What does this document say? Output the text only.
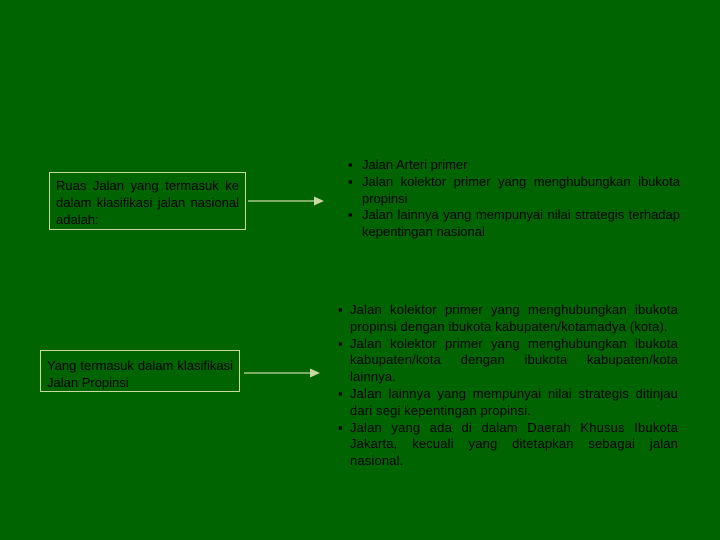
Ruas Jalan yang termasuk ke dalam klasifikasi jalan nasional adalah:
▪ Jalan Arteri primer
▪ Jalan kolektor primer yang menghubungkan ibukota propinsi
▪ Jalan lainnya yang mempunyai nilai strategis terhadap kepentingan nasional
Yang termasuk dalam klasifikasi Jalan Propinsi
▪ Jalan kolektor primer yang menghubungkan ibukota propinsi dengan ibukota kabupaten/kotamadya (kota).
▪ Jalan kolektor primer yang menghubungkan ibukota kabupaten/kota dengan ibukota kabupaten/kota lainnya.
▪ Jalan lainnya yang mempunyai nilai strategis ditinjau dari segi kepentingan propinsi.
▪ Jalan yang ada di dalam Daerah Khusus Ibukota Jakarta, kecuali yang ditetapkan sebagai jalan nasional.
